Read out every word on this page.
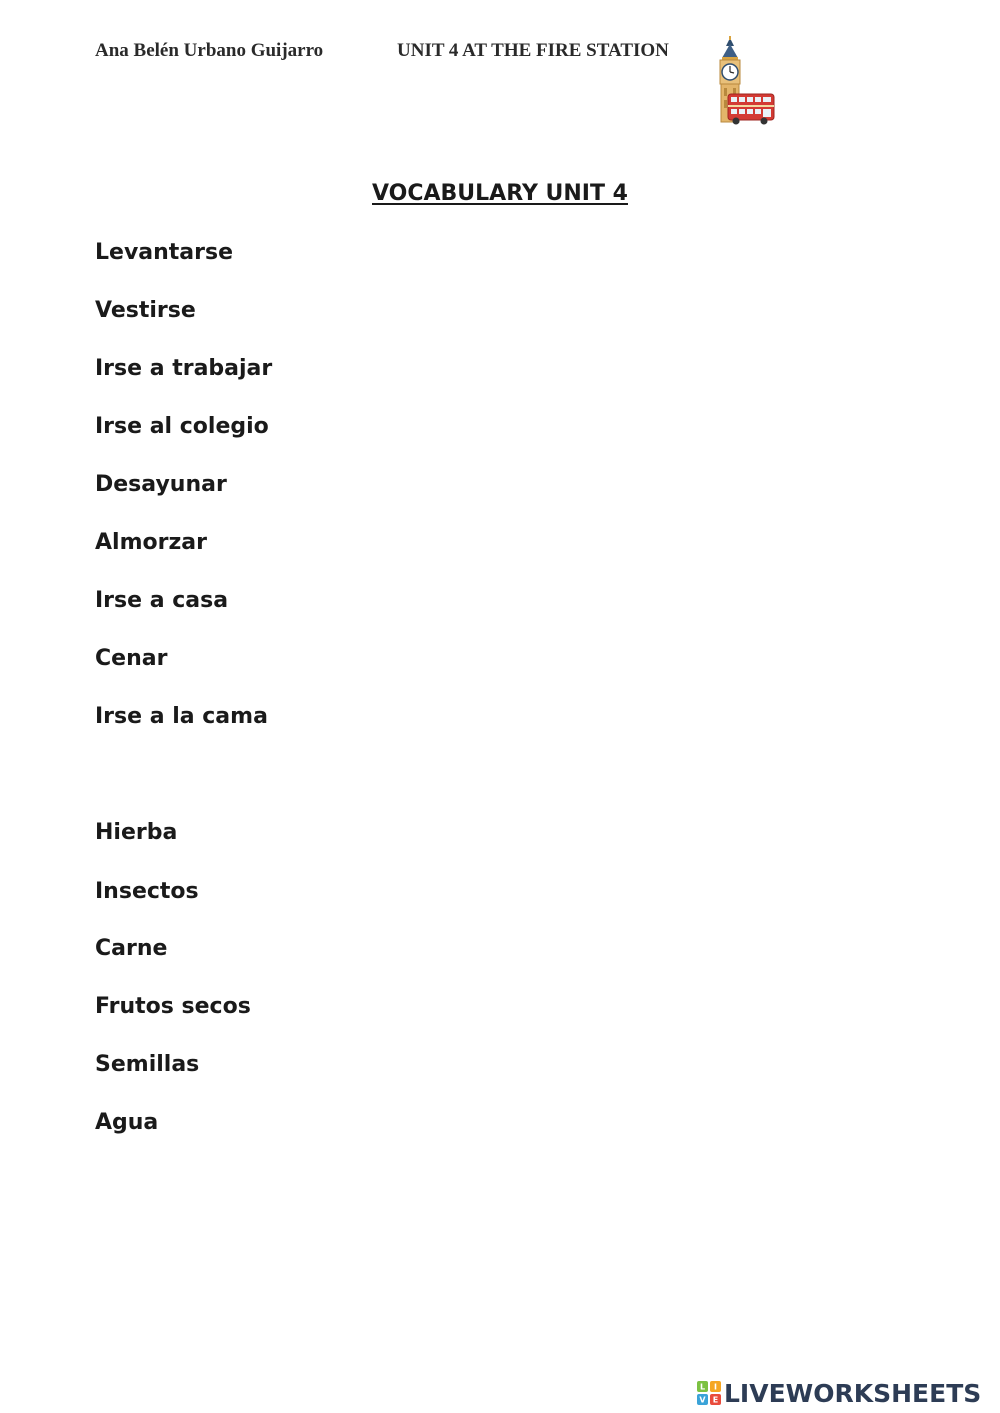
Ana Belén Urbano Guijarro	UNIT 4 AT THE FIRE STATION
VOCABULARY UNIT 4
Levantarse
Vestirse
Irse a trabajar
Irse al colegio
Desayunar
Almorzar
Irse a casa
Cenar
Irse a la cama
Hierba
Insectos
Carne
Frutos secos
Semillas
Agua
L I
V E LIVEWORKSHEETS
